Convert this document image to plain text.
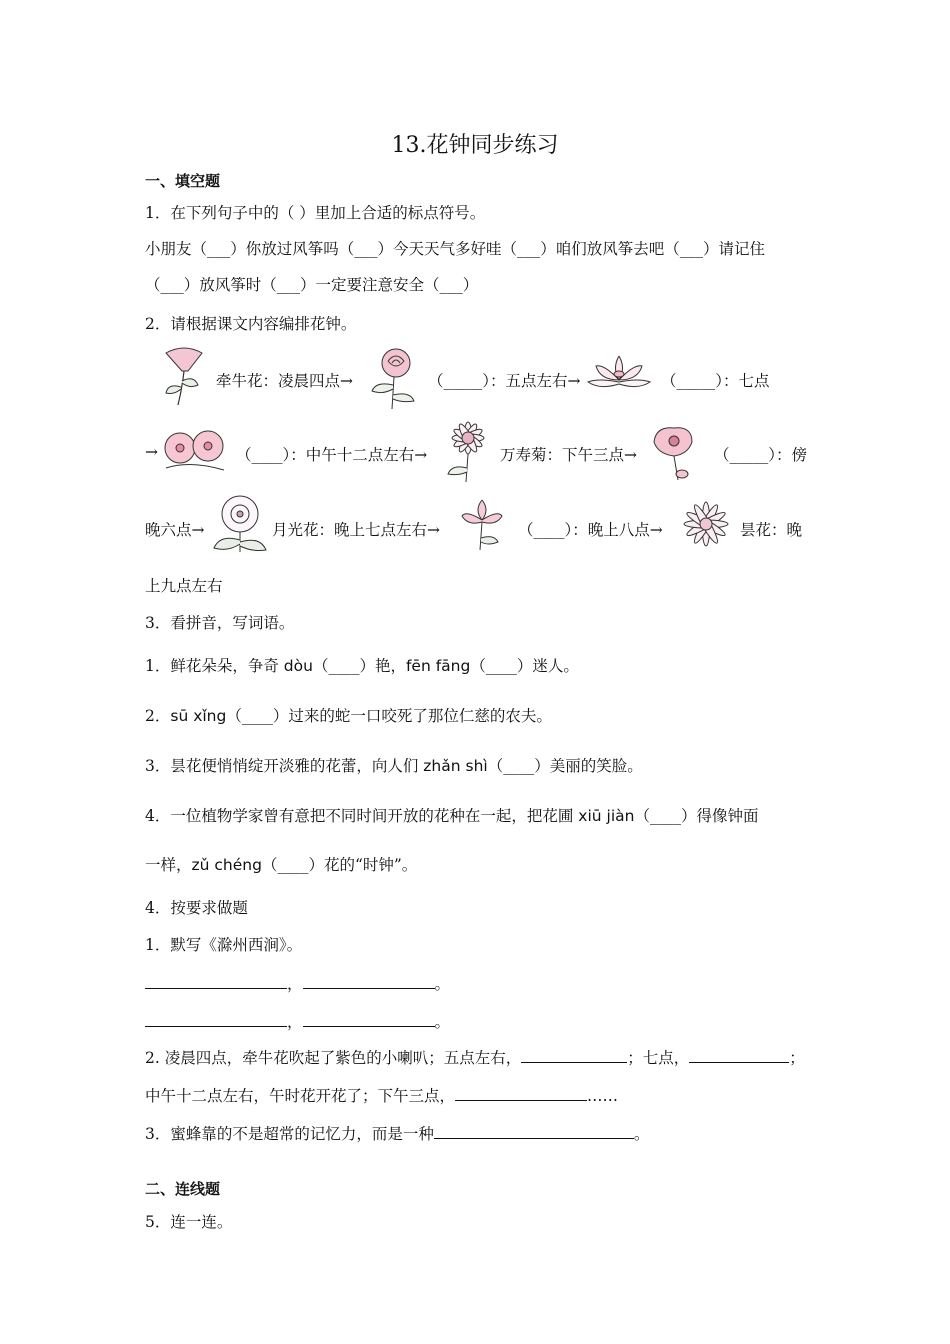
13.花钟同步练习
一、填空题
1．在下列句子中的（ ）里加上合适的标点符号。
小朋友（___）你放过风筝吗（___）今天天气多好哇（___）咱们放风筝去吧（___）请记住
（___）放风筝时（___）一定要注意安全（___）
2．请根据课文内容编排花钟。
牵牛花：凌晨四点→	（_____）：五点左右→	（_____）：七点
→	（____）：中午十二点左右→	万寿菊：下午三点→	（_____）：傍
晚六点→	月光花：晚上七点左右→	（____）：晚上八点→	昙花：晚
上九点左右
3．看拼音，写词语。
1．鲜花朵朵，争奇 dòu（____）艳，fēn fāng（____）迷人。
2．sū xǐng（____）过来的蛇一口咬死了那位仁慈的农夫。
3．昙花便悄悄绽开淡雅的花蕾，向人们 zhǎn shì（____）美丽的笑脸。
4．一位植物学家曾有意把不同时间开放的花种在一起，把花圃 xiū jiàn（____）得像钟面
一样，zǔ chéng（____）花的“时钟”。
4．按要求做题
1．默写《滁州西涧》。
，	。
，	。
2. 凌晨四点，牵牛花吹起了紫色的小喇叭；五点左右，	；七点，	；
中午十二点左右，午时花开花了；下午三点，	……
3．蜜蜂靠的不是超常的记忆力，而是一种	。
二、连线题
5．连一连。
